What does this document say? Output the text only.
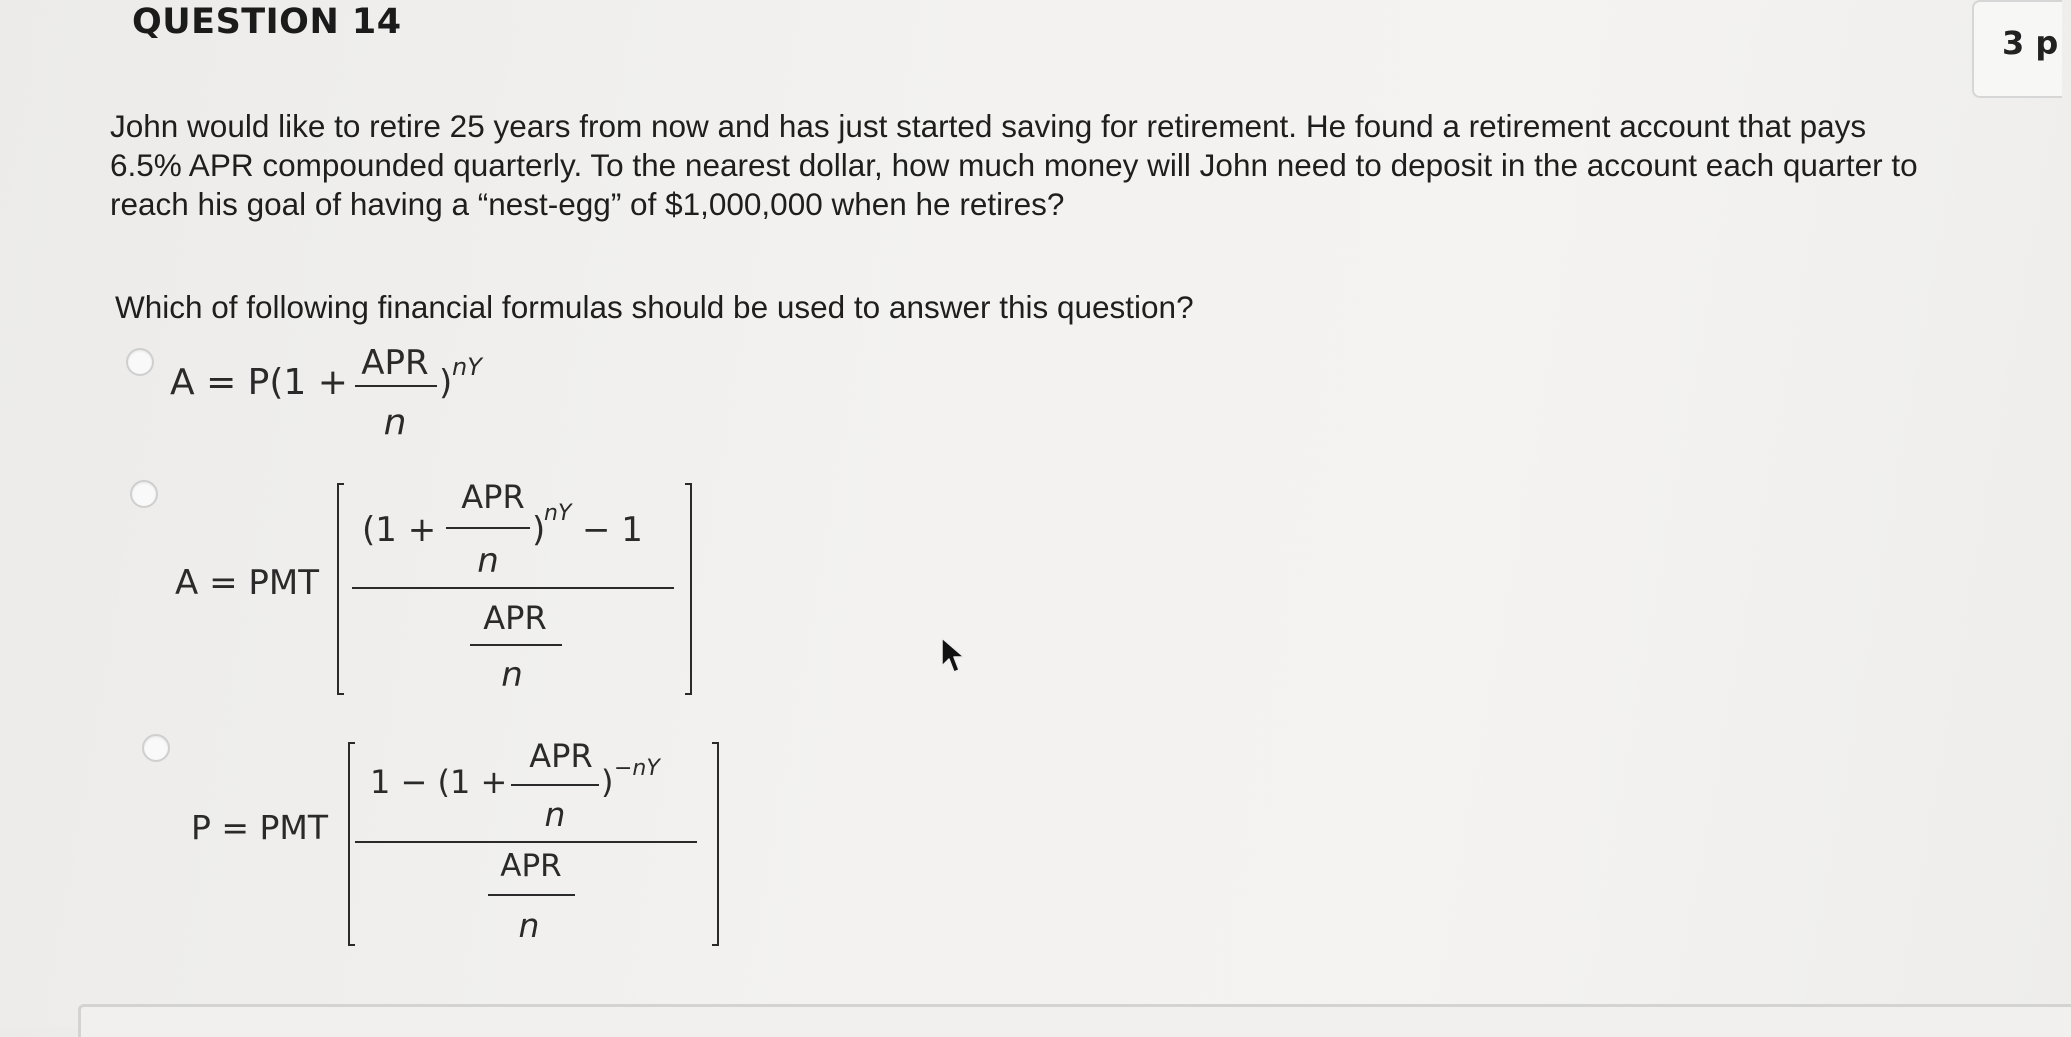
QUESTION 14
3 p
John would like to retire 25 years from now and has just started saving for retirement. He found a retirement account that pays 6.5% APR compounded quarterly. To the nearest dollar, how much money will John need to deposit in the account each quarter to reach his goal of having a “nest-egg” of $1,000,000 when he retires?
Which of following financial formulas should be used to answer this question?
A = P(1 + APR
n
) nY
A = PMT
(1 +
APR
n
)
nY − 1
APR
n
P = PMT
1 − (1 +
APR
n
) −nY
APR
n
